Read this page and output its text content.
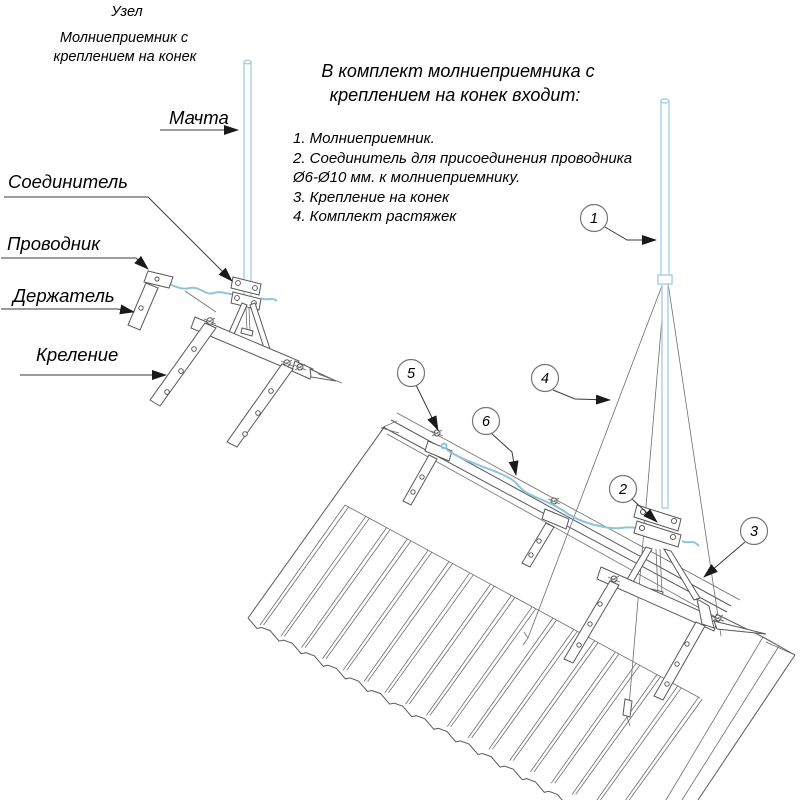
1
2
3
4
5
6
Узел
Молниеприемник с
креплением на конек
Мачта
Соединитель
Проводник
Держатель
Креление
В комплект молниеприемника с
креплением на конек входит:
1. Молниеприемник.
2. Соединитель для присоединения проводника
Ø6-Ø10 мм. к молниеприемнику.
3. Крепление на конек
4. Комплект растяжек
